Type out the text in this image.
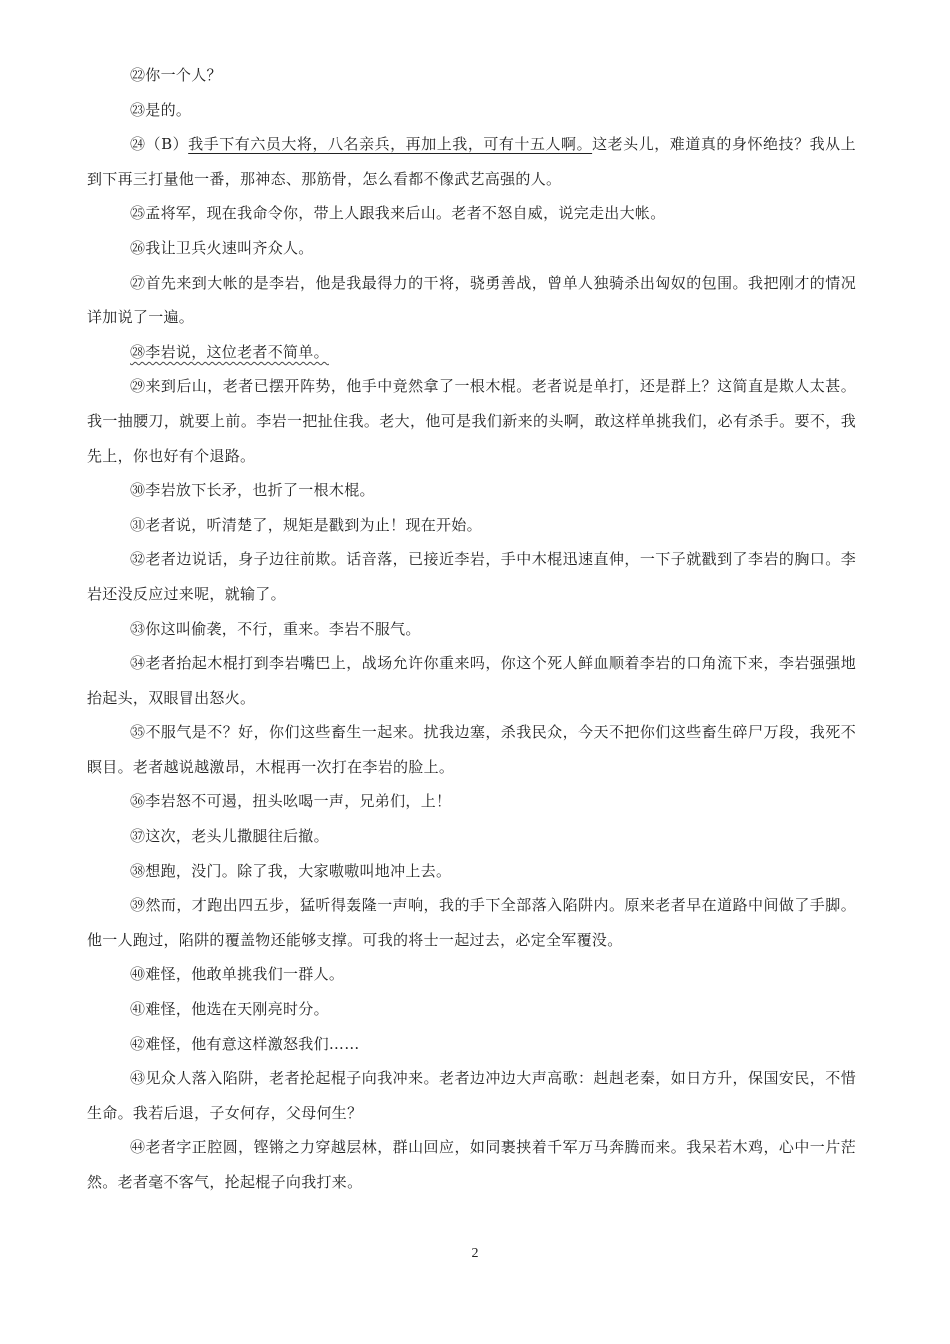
㉒你一个人？

㉓是的。

㉔（B）我手下有六员大将，八名亲兵，再加上我，可有十五人啊。这老头儿，难道真的身怀绝技？我从上到下再三打量他一番，那神态、那筋骨，怎么看都不像武艺高强的人。

㉕孟将军，现在我命令你，带上人跟我来后山。老者不怒自威，说完走出大帐。

㉖我让卫兵火速叫齐众人。

㉗首先来到大帐的是李岩，他是我最得力的干将，骁勇善战，曾单人独骑杀出匈奴的包围。我把刚才的情况详加说了一遍。

㉘李岩说，这位老者不简单。

㉙来到后山，老者已摆开阵势，他手中竟然拿了一根木棍。老者说是单打，还是群上？这简直是欺人太甚。我一抽腰刀，就要上前。李岩一把扯住我。老大，他可是我们新来的头啊，敢这样单挑我们，必有杀手。要不，我先上，你也好有个退路。

㉚李岩放下长矛，也折了一根木棍。

㉛老者说，听清楚了，规矩是戳到为止！现在开始。

㉜老者边说话，身子边往前欺。话音落，已接近李岩，手中木棍迅速直伸，一下子就戳到了李岩的胸口。李岩还没反应过来呢，就输了。

㉝你这叫偷袭，不行，重来。李岩不服气。

㉞老者抬起木棍打到李岩嘴巴上，战场允许你重来吗，你这个死人鲜血顺着李岩的口角流下来，李岩强强地抬起头，双眼冒出怒火。

㉟不服气是不？好，你们这些畜生一起来。扰我边塞，杀我民众，今天不把你们这些畜生碎尸万段，我死不瞑目。老者越说越激昂，木棍再一次打在李岩的脸上。

㊱李岩怒不可遏，扭头吆喝一声，兄弟们，上！

㊲这次，老头儿撒腿往后撤。

㊳想跑，没门。除了我，大家嗷嗷叫地冲上去。

㊴然而，才跑出四五步，猛听得轰隆一声响，我的手下全部落入陷阱内。原来老者早在道路中间做了手脚。他一人跑过，陷阱的覆盖物还能够支撑。可我的将士一起过去，必定全军覆没。

㊵难怪，他敢单挑我们一群人。

㊶难怪，他选在天刚亮时分。

㊷难怪，他有意这样激怒我们……

㊸见众人落入陷阱，老者抡起棍子向我冲来。老者边冲边大声高歌：赳赳老秦，如日方升，保国安民，不惜生命。我若后退，子女何存，父母何生？

㊹老者字正腔圆，铿锵之力穿越层林，群山回应，如同裹挟着千军万马奔腾而来。我呆若木鸡，心中一片茫然。老者毫不客气，抡起棍子向我打来。

2
